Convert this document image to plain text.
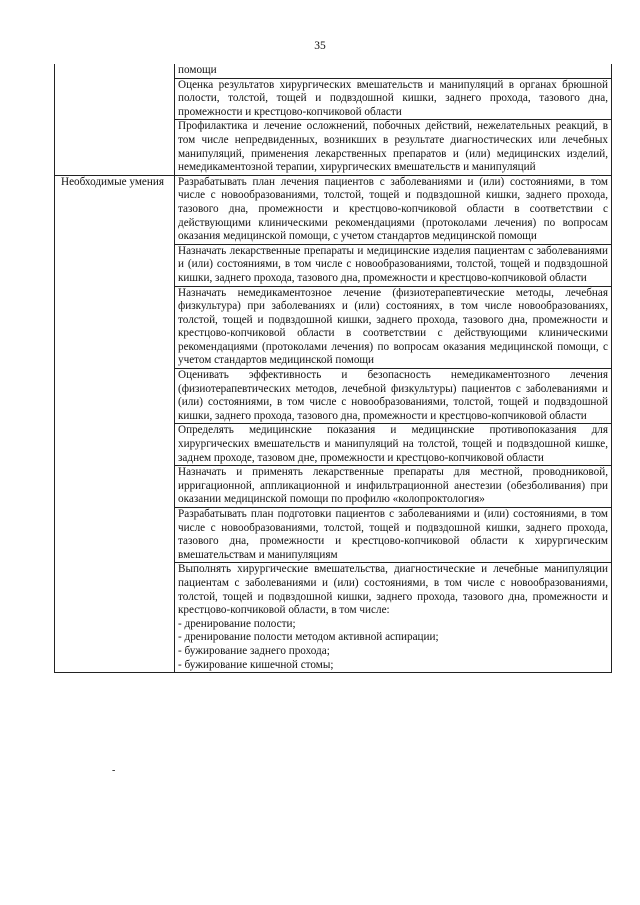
35
помощи
Оценка результатов хирургических вмешательств и манипуляций в органах брюшной полости, толстой, тощей и подвздошной кишки, заднего прохода, тазового дна, промежности и крестцово-копчиковой области
Профилактика и лечение осложнений, побочных действий, нежелательных реакций, в том числе непредвиденных, возникших в результате диагностических или лечебных манипуляций, применения лекарственных препаратов и (или) медицинских изделий, немедикаментозной терапии, хирургических вмешательств и манипуляций
Необходимые умения	Разрабатывать план лечения пациентов с заболеваниями и (или) состояниями, в том числе с новообразованиями, толстой, тощей и подвздошной кишки, заднего прохода, тазового дна, промежности и крестцово-копчиковой области в соответствии с действующими клиническими рекомендациями (протоколами лечения) по вопросам оказания медицинской помощи, с учетом стандартов медицинской помощи
Назначать лекарственные препараты и медицинские изделия пациентам с заболеваниями и (или) состояниями, в том числе с новообразованиями, толстой, тощей и подвздошной кишки, заднего прохода, тазового дна, промежности и крестцово-копчиковой области
Назначать немедикаментозное лечение (физиотерапевтические методы, лечебная физкультура) при заболеваниях и (или) состояниях, в том числе новообразованиях, толстой, тощей и подвздошной кишки, заднего прохода, тазового дна, промежности и крестцово-копчиковой области в соответствии с действующими клиническими рекомендациями (протоколами лечения) по вопросам оказания медицинской помощи, с учетом стандартов медицинской помощи
Оценивать эффективность и безопасность немедикаментозного лечения (физиотерапевтических методов, лечебной физкультуры) пациентов с заболеваниями и (или) состояниями, в том числе с новообразованиями, толстой, тощей и подвздошной кишки, заднего прохода, тазового дна, промежности и крестцово-копчиковой области
Определять медицинские показания и медицинские противопоказания для хирургических вмешательств и манипуляций на толстой, тощей и подвздошной кишке, заднем проходе, тазовом дне, промежности и крестцово-копчиковой области
Назначать и применять лекарственные препараты для местной, проводниковой, ирригационной, аппликационной и инфильтрационной анестезии (обезболивания) при оказании медицинской помощи по профилю «колопроктология»
Разрабатывать план подготовки пациентов с заболеваниями и (или) состояниями, в том числе с новообразованиями, толстой, тощей и подвздошной кишки, заднего прохода, тазового дна, промежности и крестцово-копчиковой области к хирургическим вмешательствам и манипуляциям
Выполнять хирургические вмешательства, диагностические и лечебные манипуляции пациентам с заболеваниями и (или) состояниями, в том числе с новообразованиями, толстой, тощей и подвздошной кишки, заднего прохода, тазового дна, промежности и крестцово-копчиковой области, в том числе:
- дренирование полости;
- дренирование полости методом активной аспирации;
- бужирование заднего прохода;
- бужирование кишечной стомы;
-
